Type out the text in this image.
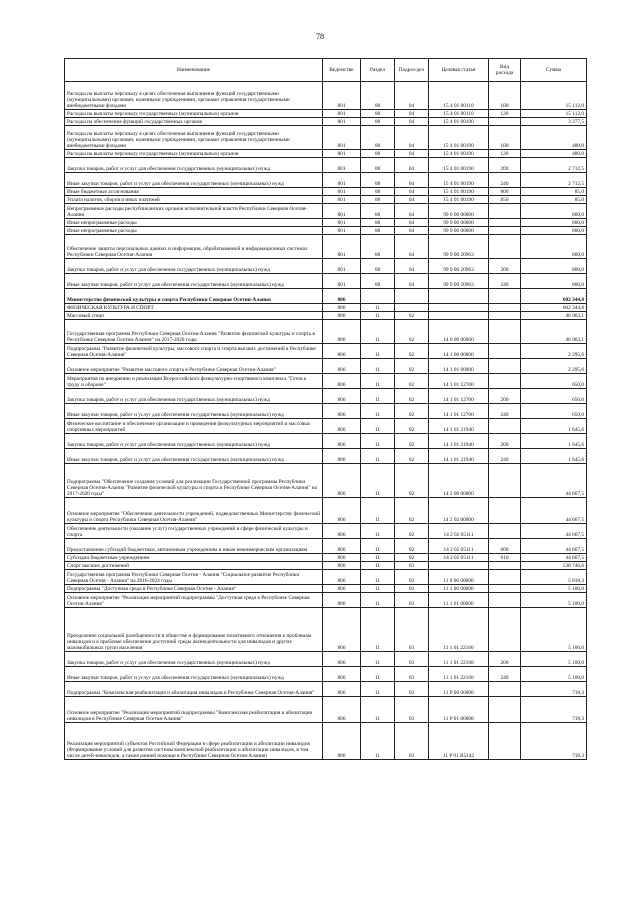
78
Наименование	Ведомство	Раздел	Подраз-дел	Целевая статья	Вид расхода	Сумма
Расходы на выплаты персоналу в целях обеспечения выполнения функций государственными (муниципальными) органами, казенными учреждениями, органами управления государственными внебюджетными фондами	801	08	04	15 4 01 00110	100	15 112,0
Расходы на выплаты персоналу государственных (муниципальных) органов	801	08	04	15 4 01 00110	120	15 112,0
Расходы на обеспечение функций государственных органов	801	08	04	15 4 01 00190		3 277,5
Расходы на выплаты персоналу в целях обеспечения выполнения функций государственными (муниципальными) органами, казенными учреждениями, органами управления государственными внебюджетными фондами	801	08	04	15 4 01 00190	100	480,0
Расходы на выплаты персоналу государственных (муниципальных) органов	801	08	04	15 4 01 00190	120	480,0
Закупка товаров, работ и услуг для обеспечения государственных (муниципальных) нужд	801	08	04	15 4 01 00190	200	2 712,5
Иные закупки товаров, работ и услуг для обеспечения государственных (муниципальных) нужд	801	08	04	15 4 01 00190	240	2 712,5
Иные бюджетные ассигнования	801	08	04	15 4 01 00190	800	85,0
Уплата налогов, сборов и иных платежей	801	08	04	15 4 01 00190	850	85,0
Непрограммные расходы республиканских органов исполнительной власти Республики Северная Осетия-Алания	801	08	04	99 0 00 00000		800,0
Иные непрограммные расходы	801	08	04	99 9 00 00000		800,0
Иные непрограммные расходы	801	08	04	99 9 00 00000		800,0
Обеспечение защиты персональных данных и информации, обрабатываемой в информационных системах Республики Северная Осетия-Алания	801	08	04	99 9 00 20963		800,0
Закупка товаров, работ и услуг для обеспечения государственных (муниципальных) нужд	801	08	04	99 9 00 20963	200	800,0
Иные закупки товаров, работ и услуг для обеспечения государственных (муниципальных) нужд	801	08	04	99 9 00 20963	240	800,0
Министерство физической культуры и спорта Республики Северная Осетия-Алания	806					602 344,8
ФИЗИЧЕСКАЯ КУЛЬТУРА И СПОРТ	806	11				602 344,8
Массовый спорт	806	11	02			46 963,1
Государственная программа Республики Северная Осетия-Алания "Развитие физической культуры и спорта в Республике Северная Осетия-Алания" на 2017-2020 годы	806	11	02	14 0 00 00000		46 963,1
Подпрограмма "Развитие физической культуры, массового спорта и спорта высших достижений в Республике Северная Осетия-Алания"	806	11	02	14 1 00 00000		2 295,6
Основное мероприятие "Развитие массового спорта в Республике Северная Осетия-Алания"	806	11	02	14 1 01 00000		2 295,6
Мероприятия по внедрению и реализации Всероссийского физкультурно-спортивного комплекса "Готов к труду и обороне"	806	11	02	14 1 01 12700		650,0
Закупка товаров, работ и услуг для обеспечения государственных (муниципальных) нужд	806	11	02	14 1 01 12700	200	650,0
Иные закупки товаров, работ и услуг для обеспечения государственных (муниципальных) нужд	806	11	02	14 1 01 12700	240	650,0
Физическое воспитание и обеспечение организации и проведения физкультурных мероприятий и массовых спортивных мероприятий	806	11	02	14 1 01 21940		1 645,6
Закупка товаров, работ и услуг для обеспечения государственных (муниципальных) нужд	806	11	02	14 1 01 21940	200	1 645,6
Иные закупки товаров, работ и услуг для обеспечения государственных (муниципальных) нужд	806	11	02	14 1 01 21940	240	1 645,6
Подпрограмма "Обеспечение создания условий для реализации Государственной программы Республики Северная Осетия-Алания "Развитие физической культуры и спорта в Республике Северная Осетия-Алания" на 2017-2020 годы"	806	11	02	14 2 00 00000		44 667,5
Основное мероприятие "Обеспечение деятельности учреждений, подведомственных Министерству физической культуры и спорта Республики Северная Осетия-Алания"	806	11	02	14 2 02 00000		44 667,5
Обеспечение деятельности (оказание услуг) государственных учреждений в сфере физической культуры и спорта	806	11	02	14 2 02 05111		44 667,5
Предоставление субсидий бюджетным, автономным учреждениям и иным некоммерческим организациям	806	11	02	14 2 02 05111	600	44 667,5
Субсидии бюджетным учреждениям	806	11	02	14 2 02 05111	610	44 667,5
Спорт высших достижений	806	11	03			538 746,6
Государственная программа Республики Северная Осетия - Алания "Социальное развитие Республики Северная Осетия - Алания" на 2016-2024 годы	806	11	03	11 0 00 00000		5 818,3
Подпрограмма "Доступная среда в Республике Северная Осетия - Алания"	806	11	03	11 1 00 00000		5 100,0
Основное мероприятие "Реализация мероприятий подпрограммы "Доступная среда в Республике Северная Осетия-Алания"	806	11	03	11 1 01 00000		5 100,0
Преодоление социальной разобщенности в обществе и формирование позитивного отношения к проблемам инвалидов и к проблеме обеспечения доступной среды жизнедеятельности для инвалидов и других маломобильных групп населения	806	11	03	11 1 01 22160		5 100,0
Закупка товаров, работ и услуг для обеспечения государственных (муниципальных) нужд	806	11	03	11 1 01 22160	200	5 100,0
Иные закупки товаров, работ и услуг для обеспечения государственных (муниципальных) нужд	806	11	03	11 1 01 22160	240	5 100,0
Подпрограмма "Комплексная реабилитация и абилитация инвалидов в Республике Северная Осетия-Алания"	806	11	03	11 P 00 00000		718,3
Основное мероприятие "Реализация мероприятий подпрограммы "Комплексная реабилитация и абилитация инвалидов в Республике Северная Осетия-Алания"	806	11	03	11 P 01 00000		718,3
Реализация мероприятий субъектов Российской Федерации в сфере реабилитации и абилитации инвалидов (Формирование условий для развития системы комплексной реабилитации и абилитации инвалидов, в том числе детей-инвалидов, а также ранней помощи в Республике Северная Осетия-Алания)	806	11	03	11 P 01 R5142		718,3
